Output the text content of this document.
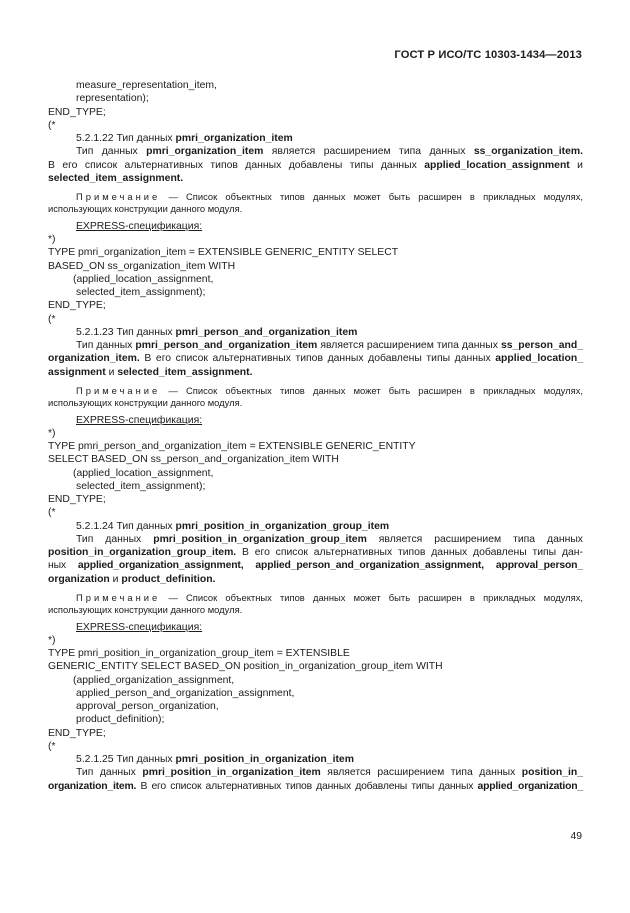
ГОСТ Р ИСО/ТС 10303-1434—2013
measure_representation_item,
representation);
END_TYPE;
(*
5.2.1.22 Тип данных pmri_organization_item
Тип данных pmri_organization_item является расширением типа данных ss_organization_item.
В его список альтернативных типов данных добавлены типы данных applied_location_assignment и
selected_item_assignment.
Примечание — Список объектных типов данных может быть расширен в прикладных модулях,
использующих конструкции данного модуля.
EXPRESS-спецификация:
*)
TYPE pmri_organization_item = EXTENSIBLE GENERIC_ENTITY SELECT
BASED_ON ss_organization_item WITH
(applied_location_assignment,
selected_item_assignment);
END_TYPE;
(*
5.2.1.23 Тип данных pmri_person_and_organization_item
Тип данных pmri_person_and_organization_item является расширением типа данных ss_person_and_
organization_item. В его список альтернативных типов данных добавлены типы данных applied_location_
assignment и selected_item_assignment.
Примечание — Список объектных типов данных может быть расширен в прикладных модулях,
использующих конструкции данного модуля.
EXPRESS-спецификация:
*)
TYPE pmri_person_and_organization_item = EXTENSIBLE GENERIC_ENTITY
SELECT BASED_ON ss_person_and_organization_item WITH
(applied_location_assignment,
selected_item_assignment);
END_TYPE;
(*
5.2.1.24 Тип данных pmri_position_in_organization_group_item
Тип данных pmri_position_in_organization_group_item является расширением типа данных
position_in_organization_group_item. В его список альтернативных типов данных добавлены типы дан-
ных applied_organization_assignment, applied_person_and_organization_assignment, approval_person_
organization и product_definition.
Примечание — Список объектных типов данных может быть расширен в прикладных модулях,
использующих конструкции данного модуля.
EXPRESS-спецификация:
*)
TYPE pmri_position_in_organization_group_item = EXTENSIBLE
GENERIC_ENTITY SELECT BASED_ON position_in_organization_group_item WITH
(applied_organization_assignment,
applied_person_and_organization_assignment,
approval_person_organization,
product_definition);
END_TYPE;
(*
5.2.1.25 Тип данных pmri_position_in_organization_item
Тип данных pmri_position_in_organization_item является расширением типа данных position_in_
organization_item. В его список альтернативных типов данных добавлены типы данных applied_organization_
49
